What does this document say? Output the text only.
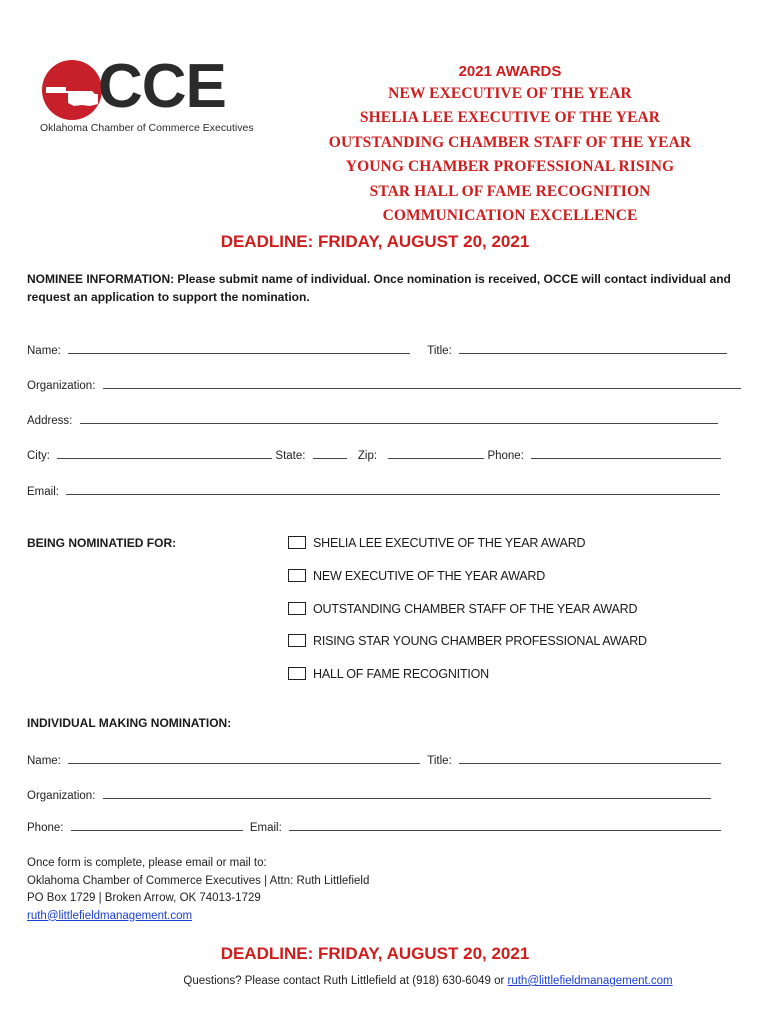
CCE
Oklahoma Chamber of Commerce Executives
2021 AWARDS
NEW EXECUTIVE OF THE YEAR
SHELIA LEE EXECUTIVE OF THE YEAR
OUTSTANDING CHAMBER STAFF OF THE YEAR
YOUNG CHAMBER PROFESSIONAL RISING
STAR HALL OF FAME RECOGNITION
COMMUNICATION EXCELLENCE
DEADLINE: FRIDAY, AUGUST 20, 2021
NOMINEE INFORMATION: Please submit name of individual. Once nomination is received, OCCE will contact individual and request an application to support the nomination.
Name:	Title:
Organization:
Address:
City:	State:	Zip:	Phone:
Email:
BEING NOMINATIED FOR:	SHELIA LEE EXECUTIVE OF THE YEAR AWARD
NEW EXECUTIVE OF THE YEAR AWARD
OUTSTANDING CHAMBER STAFF OF THE YEAR AWARD
RISING STAR YOUNG CHAMBER PROFESSIONAL AWARD
HALL OF FAME RECOGNITION
INDIVIDUAL MAKING NOMINATION:
Name:	Title:
Organization:
Phone:	Email:
Once form is complete, please email or mail to:
Oklahoma Chamber of Commerce Executives | Attn: Ruth Littlefield
PO Box 1729 | Broken Arrow, OK 74013-1729
ruth@littlefieldmanagement.com
DEADLINE: FRIDAY, AUGUST 20, 2021
Questions? Please contact Ruth Littlefield at (918) 630-6049 or ruth@littlefieldmanagement.com
